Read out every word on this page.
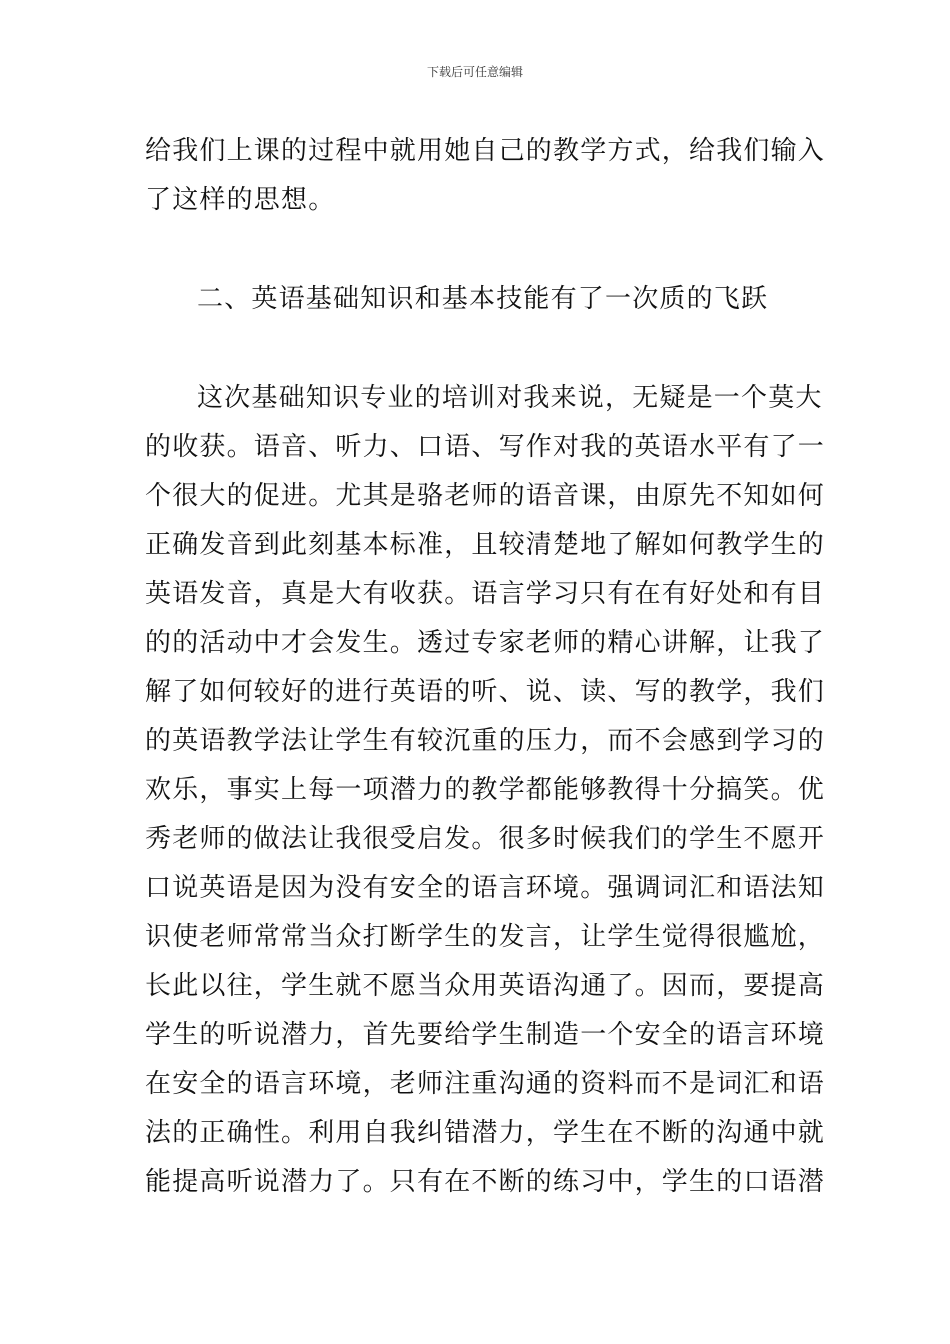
下载后可任意编辑
给我们上课的过程中就用她自己的教学方式，给我们输入
了这样的思想。
二、英语基础知识和基本技能有了一次质的飞跃
这次基础知识专业的培训对我来说，无疑是一个莫大
的收获。语音、听力、口语、写作对我的英语水平有了一
个很大的促进。尤其是骆老师的语音课，由原先不知如何
正确发音到此刻基本标准，且较清楚地了解如何教学生的
英语发音，真是大有收获。语言学习只有在有好处和有目
的的活动中才会发生。透过专家老师的精心讲解，让我了
解了如何较好的进行英语的听、说、读、写的教学，我们
的英语教学法让学生有较沉重的压力，而不会感到学习的
欢乐，事实上每一项潜力的教学都能够教得十分搞笑。优
秀老师的做法让我很受启发。很多时候我们的学生不愿开
口说英语是因为没有安全的语言环境。强调词汇和语法知
识使老师常常当众打断学生的发言，让学生觉得很尴尬，
长此以往，学生就不愿当众用英语沟通了。因而，要提高
学生的听说潜力，首先要给学生制造一个安全的语言环境
在安全的语言环境，老师注重沟通的资料而不是词汇和语
法的正确性。利用自我纠错潜力，学生在不断的沟通中就
能提高听说潜力了。只有在不断的练习中，学生的口语潜
